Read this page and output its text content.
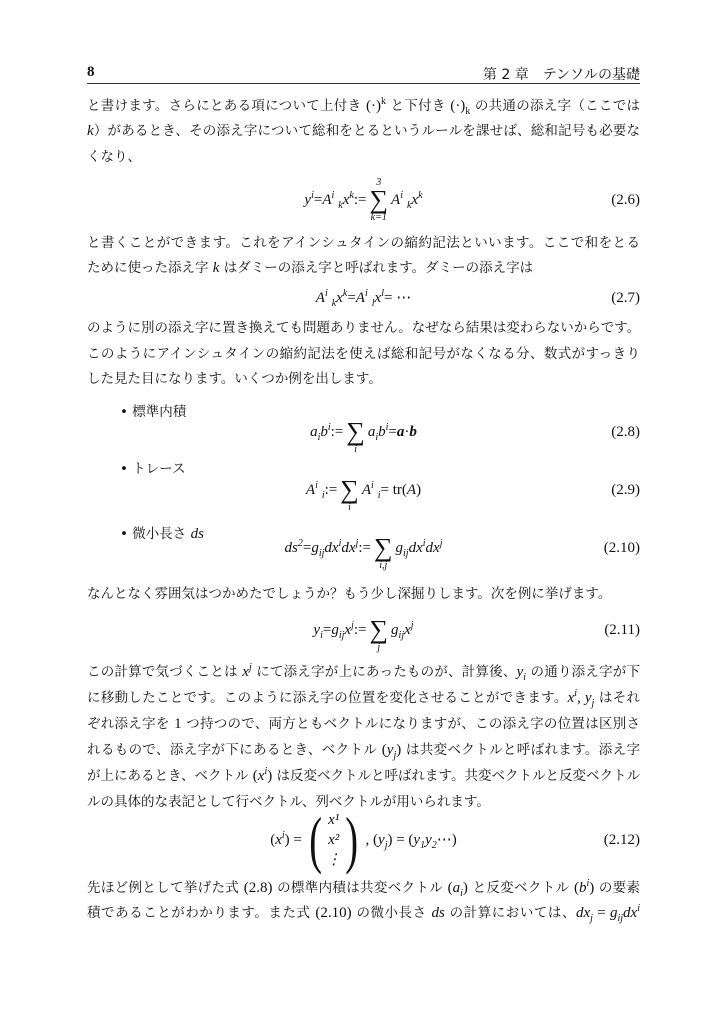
8	第 2 章　テンソルの基礎
と書けます。さらにとある項について上付き $(\cdot)^k$ と下付き $(\cdot)_k$ の共通の添え字（ここでは
k）があるとき、その添え字について総和をとるというルールを課せば、総和記号も必要な
くなり、
と書くことができます。これをアインシュタインの縮約記法といいます。ここで和をとる
ために使った添え字 k はダミーの添え字と呼ばれます。ダミーの添え字は
のように別の添え字に置き換えても問題ありません。なぜなら結果は変わらないからです。
このようにアインシュタインの縮約記法を使えば総和記号がなくなる分、数式がすっきり
した見た目になります。いくつか例を出します。
なんとなく雰囲気はつかめたでしょうか？もう少し深掘りします。次を例に挙げます。
この計算で気づくことは $x^j$ にて添え字が上にあったものが、計算後、$y_i$ の通り添え字が下
に移動したことです。このように添え字の位置を変化させることができます。$x^i$, $y_j$ はそれ
ぞれ添え字を 1 つ持つので、両方ともベクトルになりますが、この添え字の位置は区別さ
れるもので、添え字が下にあるとき、ベクトル $(y_j)$ は共変ベクトルと呼ばれます。添え字
が上にあるとき、ベクトル $(x^i)$ は反変ベクトルと呼ばれます。共変ベクトルと反変ベクトル
ルの具体的な表記として行ベクトル、列ベクトルが用いられます。
先ほど例として挙げた式 (2.8) の標準内積は共変ベクトル $(a_i)$ と反変ベクトル $(b^i)$ の要素
積であることがわかります。また式 (2.10) の微小長さ ds の計算においては、$dx_j = g_{ij}dx^i$
• 標準内積
• トレース
• 微小長さ ds
$y^i = A^i_k$ $x^k$ :=
3
∑
k=1
$A^i_k$ $x^k$	(2.6)
$A^i_k$ $x^k = A^i_l$ $x^l$ = ⋯	(2.7)
$a_i$ $b^i$ := ∑
i
$a_i$ $b^i = a \cdot b$	(2.8)
$A^i_i$ := ∑
i
$A^i_i = tr$( A )	(2.9)
$ds^2 = g_{ij}$ $dx^i$ $dx^j$ := ∑
i,j
$g_{ij}$ $dx^i$ $dx^j$	(2.10)
$y_i = g_{ij}$ $x^j$ := ∑
j
$g_{ij}$ $x^j$	(2.11)
( $x^i$ ) = ( x¹
x²
⋮ ) , ( $y_j$ ) = ( $y_1$ $y_2$ ⋯)	(2.12)
